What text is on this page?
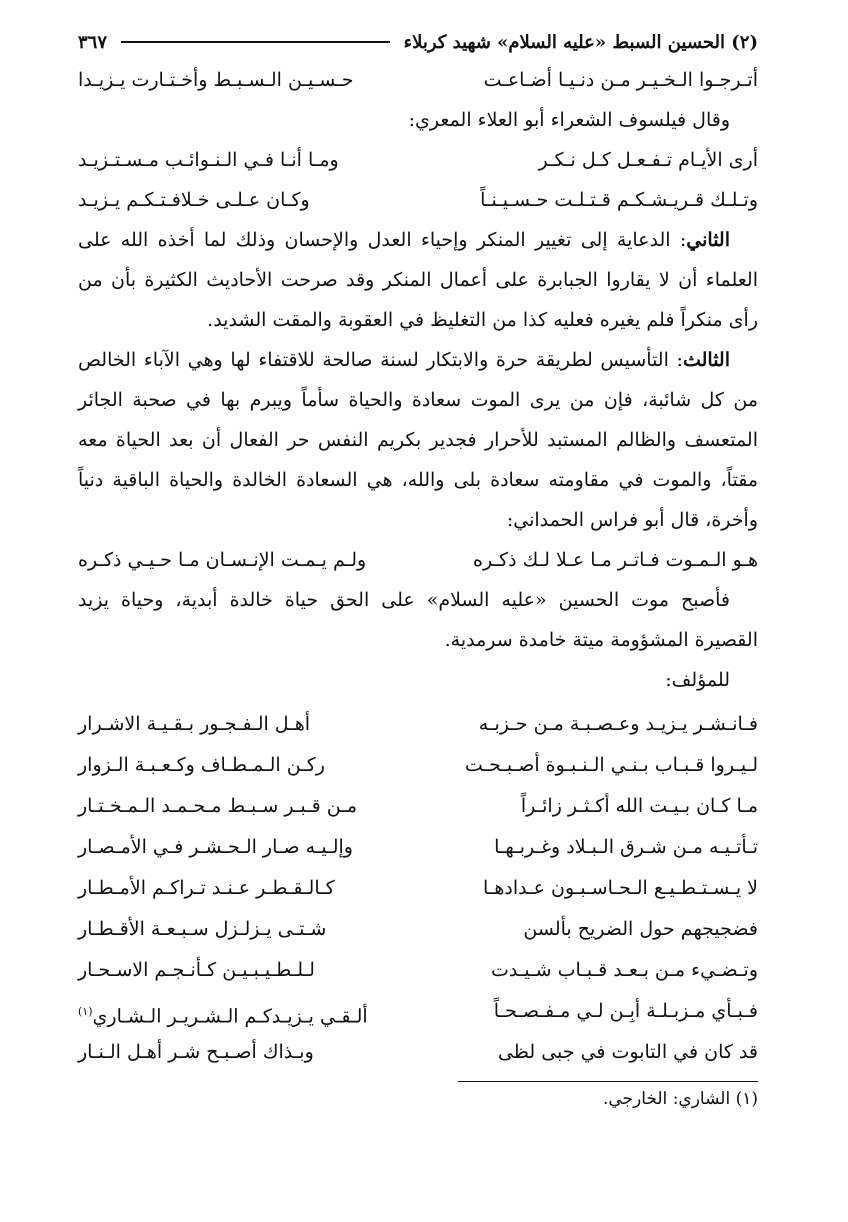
(٢) الحسين السبط «عليه السلام» شهيد كربلاء
٣٦٧
أتـرجـوا الـخـيـر مـن دنـيـا أضـاعـت
حـسـيـن الـسـبـط وأخـتـارت يـزيـدا

وقال فيلسوف الشعراء أبو العلاء المعري:

أرى الأيـام تـفـعـل كـل نـكـر
ومـا أنـا فـي الـنـوائـب مـسـتـزيـد
وتـلـك قـريـشـكـم قـتـلـت حـسـيـنـاً
وكـان عـلـى خـلافـتـكـم يـزيـد

الثاني: الدعاية إلى تغيير المنكر وإحياء العدل والإحسان وذلك لما أخذه الله على العلماء أن لا يقاروا الجبابرة على أعمال المنكر وقد صرحت الأحاديث الكثيرة بأن من رأى منكراً فلم يغيره فعليه كذا من التغليظ في العقوبة والمقت الشديد.

الثالث: التأسيس لطريقة حرة والابتكار لسنة صالحة للاقتفاء لها وهي الآباء الخالص من كل شائبة، فإن من يرى الموت سعادة والحياة سأماً ويبرم بها في صحبة الجائر المتعسف والظالم المستبد للأحرار فجدير بكريم النفس حر الفعال أن بعد الحياة معه مقتاً، والموت في مقاومته سعادة بلى والله، هي السعادة الخالدة والحياة الباقية دنياً وأخرة، قال أبو فراس الحمداني:

هـو الـمـوت فـاتـر مـا عـلا لـك ذكـره
ولـم يـمـت الإنـسـان مـا حـيـي ذكـره

فأصبح موت الحسين «عليه السلام» على الحق حياة خالدة أبدية، وحياة يزيد القصيرة المشؤومة ميتة خامدة سرمدية.

للمؤلف:

فـانـشـر يـزيـد وعـصـبـة مـن حـزبـه
أهـل الـفـجـور بـقـيـة الاشـرار
لـيـروا قـبـاب بـنـي الـنـبـوة أصـبـحـت
ركـن الـمـطـاف وكـعـبـة الـزوار
مـا كـان بـيـت الله أكـثـر زائـراً
مـن قـبـر سـبـط مـحـمـد الـمـخـتـار
تـأتـيـه مـن شـرق الـبـلاد وغـربـهـا
وإلـيـه صـار الـحـشـر فـي الأمـصـار
لا يـسـتـطـيـع الـحـاسـبـون عـدادهـا
كـالـقـطـر عـنـد تـراكـم الأمـطـار
فضجيجهم حول الضريح بألسن
شـتـى يـزلـزل سـبـعـة الأقـطـار
وتـضـيء مـن بـعـد قـبـاب شـيـدت
لـلـطـيـبـيـن كـأنـجـم الاسـحـار
فـبـأي مـزبـلـة أبِـن لـي مـفـصـحـاً
ألـقـي يـزيـدكـم الـشـريـر الـشـاري$^{(١)}$
قد كان في التابوت في جبى لظى
وبـذاك أصـبـح شـر أهـل الـنـار
(١) الشاري: الخارجي.
